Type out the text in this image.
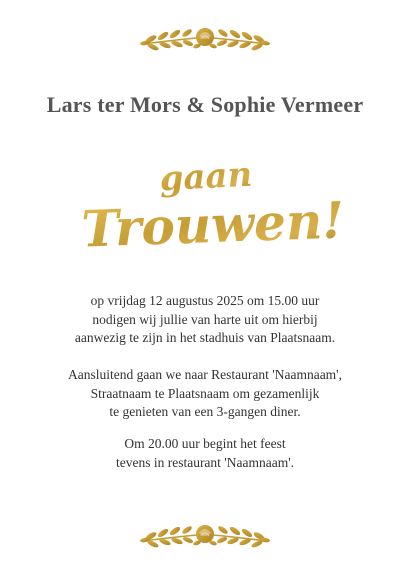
Lars ter Mors & Sophie Vermeer
gaan
Trouwen!

op vrijdag 12 augustus 2025 om 15.00 uur
nodigen wij jullie van harte uit om hierbij
aanwezig te zijn in het stadhuis van Plaatsnaam.

Aansluitend gaan we naar Restaurant 'Naamnaam',
Straatnaam te Plaatsnaam om gezamenlijk
te genieten van een 3-gangen diner.

Om 20.00 uur begint het feest
tevens in restaurant 'Naamnaam'.
